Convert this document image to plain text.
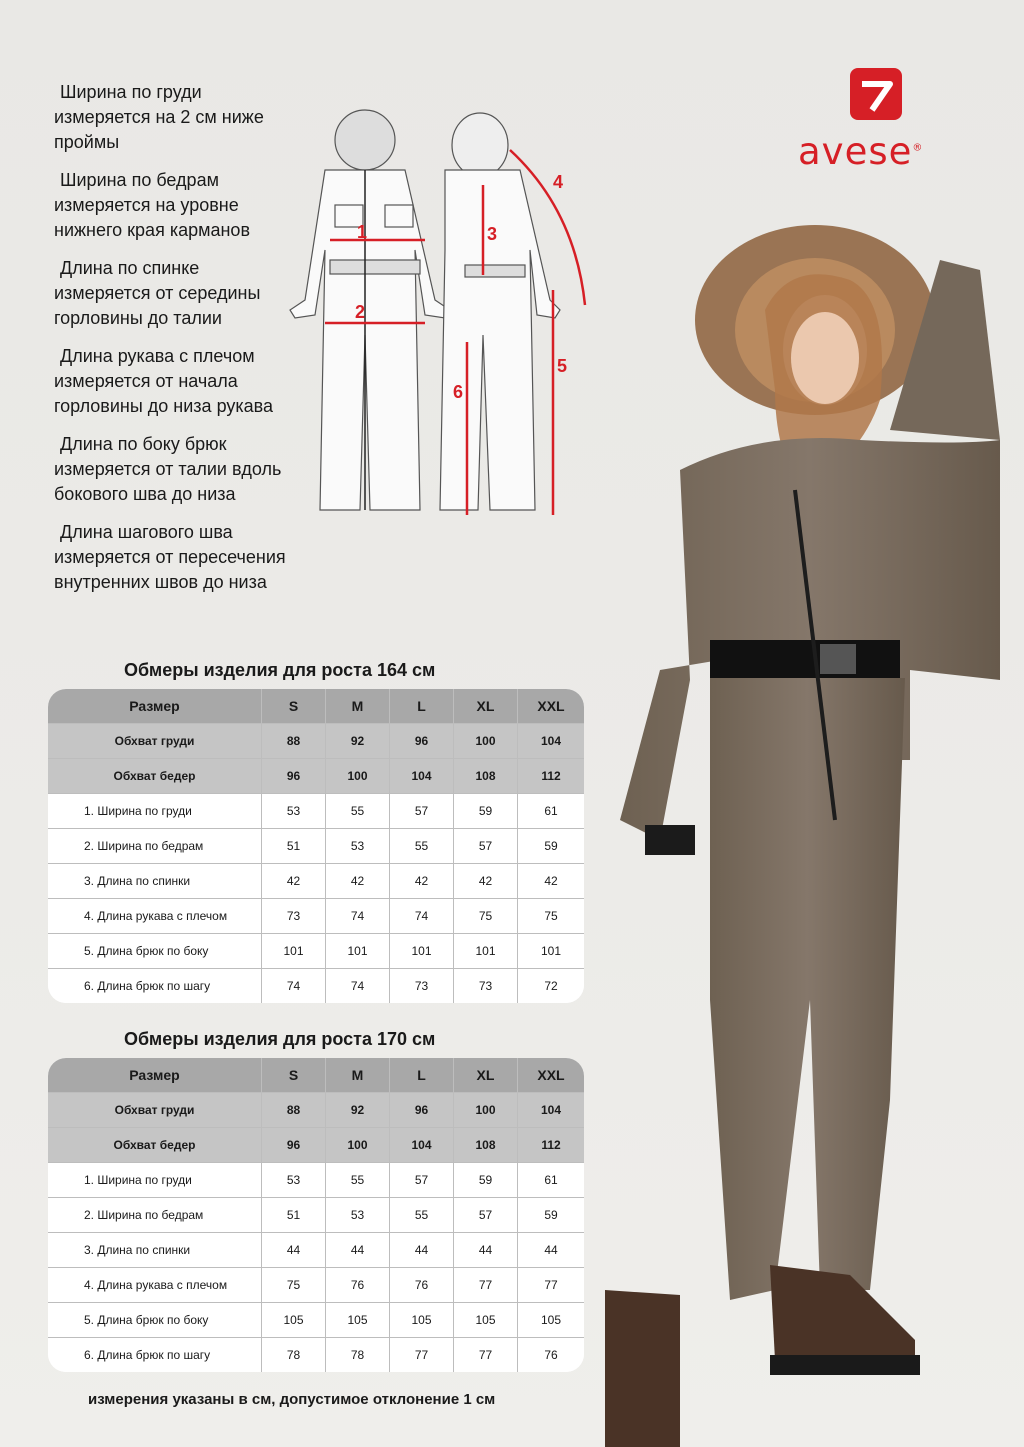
avese®
Ширина по груди
измеряется на 2 см ниже
проймы
Ширина по бедрам
измеряется на уровне
нижнего края карманов
Длина по спинке
измеряется от середины
горловины до талии
Длина рукава с плечом
измеряется от начала
горловины до низа рукава
Длина по боку брюк
измеряется от талии вдоль
бокового шва до низа
Длина шагового шва
измеряется от пересечения
внутренних швов до низа
1
2
3
4
5
6
Обмеры изделия для роста 164 см
Размер	S	M	L	XL	XXL
Обхват груди	88	92	96	100	104
Обхват бедер	96	100	104	108	112
1. Ширина по груди	53	55	57	59	61
2. Ширина по бедрам	51	53	55	57	59
3. Длина по спинки	42	42	42	42	42
4. Длина рукава с плечом	73	74	74	75	75
5. Длина брюк по боку	101	101	101	101	101
6. Длина брюк по шагу	74	74	73	73	72
Обмеры изделия для роста 170 см
Размер	S	M	L	XL	XXL
Обхват груди	88	92	96	100	104
Обхват бедер	96	100	104	108	112
1. Ширина по груди	53	55	57	59	61
2. Ширина по бедрам	51	53	55	57	59
3. Длина по спинки	44	44	44	44	44
4. Длина рукава с плечом	75	76	76	77	77
5. Длина брюк по боку	105	105	105	105	105
6. Длина брюк по шагу	78	78	77	77	76
измерения указаны в см, допустимое отклонение 1 см
